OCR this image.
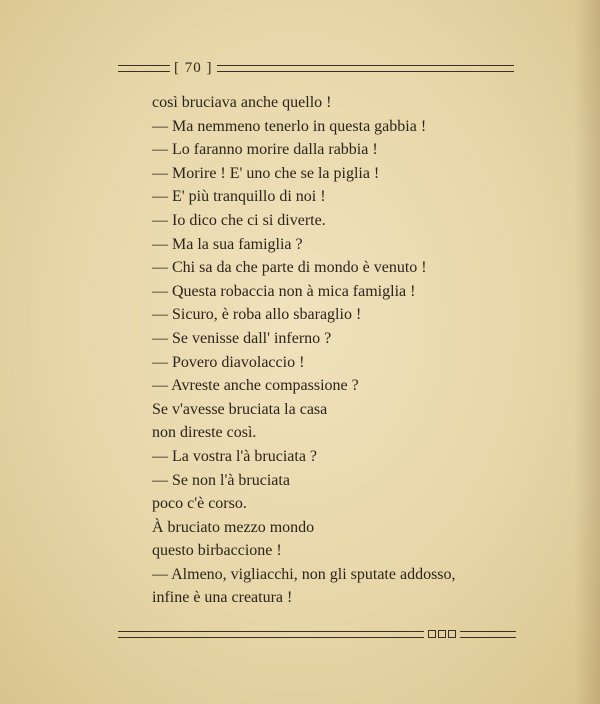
[ 70 ]
così bruciava anche quello !
— Ma nemmeno tenerlo in questa gabbia !
— Lo faranno morire dalla rabbia !
— Morire ! E' uno che se la piglia !
— E' più tranquillo di noi !
— Io dico che ci si diverte.
— Ma la sua famiglia ?
— Chi sa da che parte di mondo è venuto !
— Questa robaccia non à mica famiglia !
— Sicuro, è roba allo sbaraglio !
— Se venisse dall' inferno ?
— Povero diavolaccio !
— Avreste anche compassione ?
Se v'avesse bruciata la casa
non direste così.
— La vostra l'à bruciata ?
— Se non l'à bruciata
poco c'è corso.
À bruciato mezzo mondo
questo birbaccione !
— Almeno, vigliacchi, non gli sputate addosso,
infine è una creatura !
